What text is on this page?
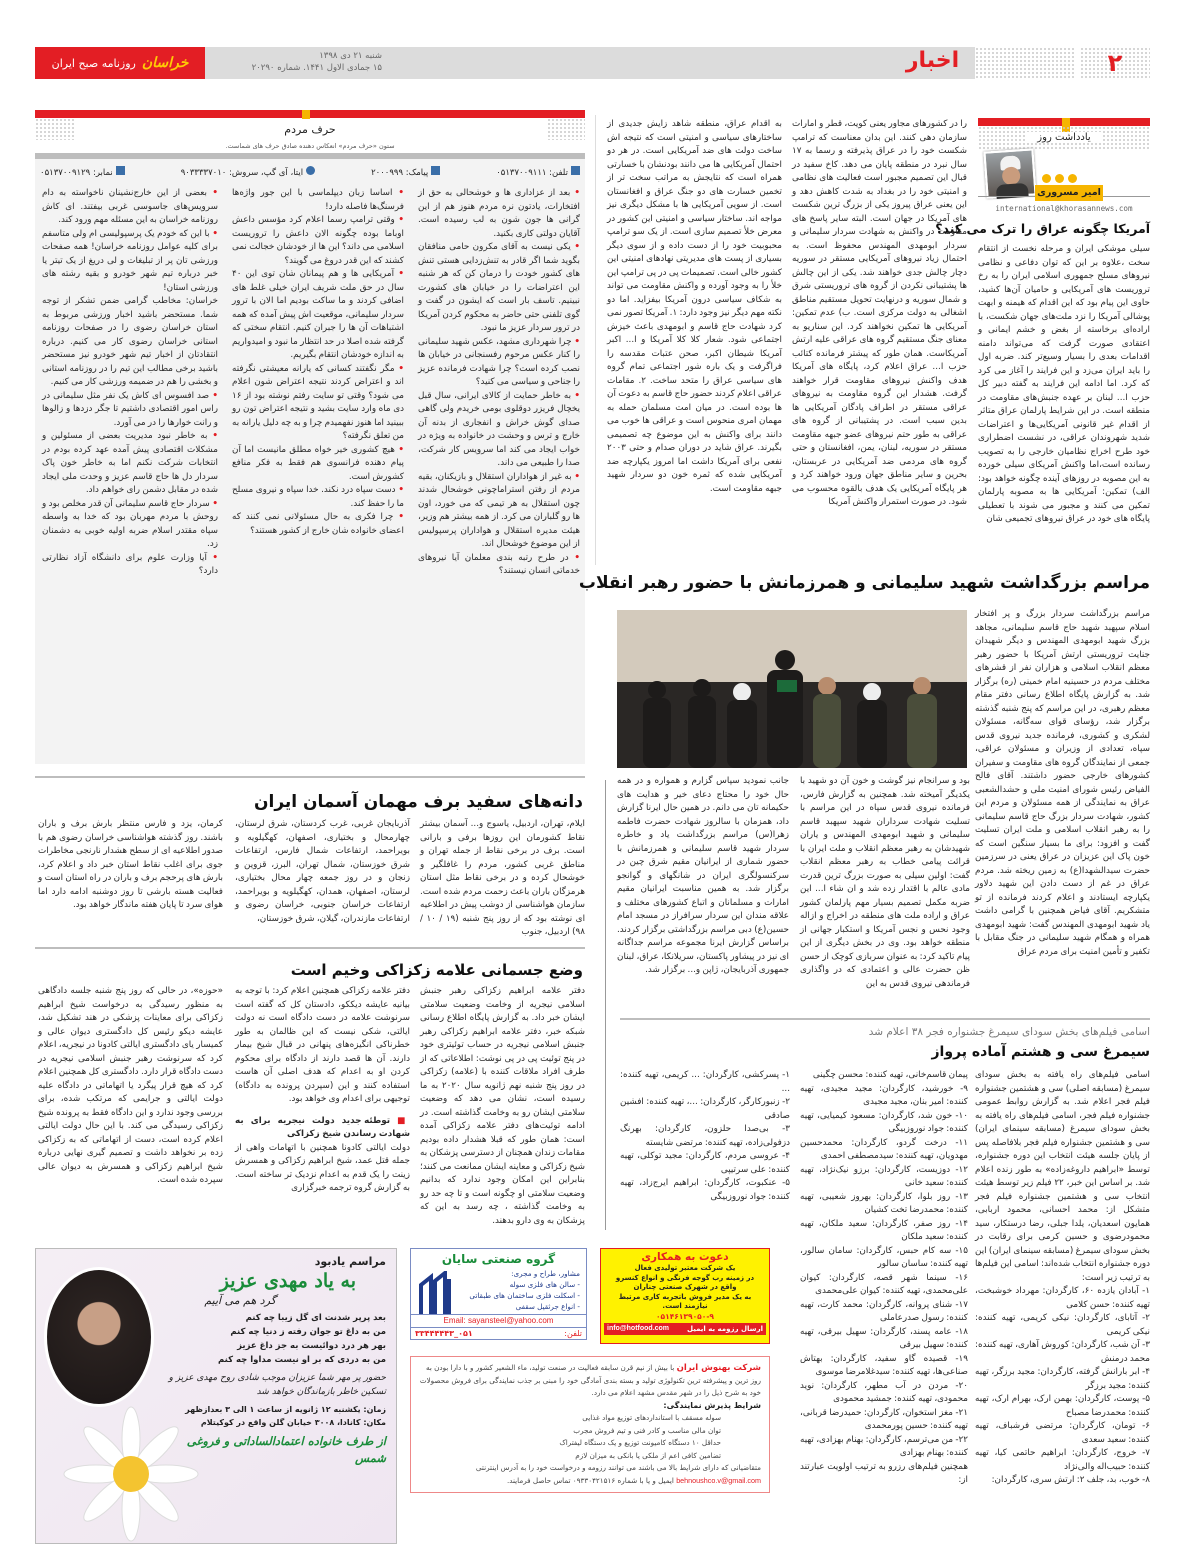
خراسان
روزنامه صبح ایران
شنبه ۲۱ دی ۱۳۹۸
۱۵ جمادی الاول ۱۴۴۱. شماره ۲۰۲۹۰	اخبار	۲
یادداشت روز
امیر مسروری
international@khorasannews.com
آمریکا چگونه عراق را ترک می کند؟
سیلی موشکی ایران و مرحله نخست از انتقام سخت ،علاوه بر این که توان دفاعی و نظامی نیروهای مسلح جمهوری اسلامی ایران را به رخ تروریست های آمریکایی و حامیان آن‌ها کشید، حاوی این پیام بود که این اقدام که هیمنه و ابهت پوشالی آمریکا را نزد ملت‌های جهان شکست، با اراده‌ای برخاسته از بغض و خشم ایمانی و اعتقادی صورت گرفت که می‌تواند دامنه اقدامات بعدی را بسیار وسیع‌تر کند. ضربه اول را باید ایران می‌زد و این فرایند را آغاز می کرد که کرد. اما ادامه این فرایند به گفته دبیر کل حزب ا... لبنان بر عهده جنبش‌های مقاومت در منطقه است. در این شرایط پارلمان عراق متاثر از اقدام غیر قانونی آمریکایی‌ها و اعتراضات شدید شهروندان عراقی، در نشست اضطراری خود طرح اخراج نظامیان خارجی را به تصویب رسانده است،اما واکنش آمریکای سیلی خورده به این مصوبه در روزهای آینده چگونه خواهد بود: الف) تمکین: آمریکایی ها به مصوبه پارلمان تمکین می کنند و مجبور می شوند با تعطیلی پایگاه های خود در عراق نیروهای تجمیعی شان
را در کشورهای مجاور یعنی کویت، قطر و امارات سازمان دهی کنند. این بدان معناست که ترامپ شکست خود را در عراق پذیرفته و رسما به ۱۷ سال نبرد در منطقه پایان می دهد. کاخ سفید در قبال این تصمیم مجبور است فعالیت های نظامی و امنیتی خود را در بغداد به شدت کاهش دهد و این یعنی عراق پیروز یکی از بزرگ ترین شکست های آمریکا در جهان است. البته سایر پاسخ های مقاومت در واکنش به شهادت سردار سلیمانی و سردار ابومهدی المهندس محفوظ است. به احتمال زیاد نیروهای آمریکایی مستقر در سوریه دچار چالش جدی خواهند شد. یکی از این چالش ها پشتیبانی نکردن از گروه های تروریستی شرق و شمال سوریه و درنهایت تحویل مستقیم مناطق اشغالی به دولت مرکزی است. ب) عدم تمکین: آمریکایی ها تمکین نخواهند کرد. این سناریو به معنای جنگ مستقیم گروه های عراقی علیه ارتش آمریکاست. همان طور که پیشتر فرمانده کتائب حزب ا... عراق اعلام کرد، پایگاه های آمریکا هدف واکنش نیروهای مقاومت قرار خواهند گرفت. هشدار این گروه مقاومت به نیروهای عراقی مستقر در اطراف پادگان آمریکایی ها بدین سبب است. در پشتیبانی از گروه های عراقی به طور حتم نیروهای عضو جبهه مقاومت مستقر در سوریه، لبنان، یمن، افغانستان و حتی گروه های مردمی ضد آمریکایی در عربستان، بحرین و سایر مناطق جهان ورود خواهند کرد و هر پایگاه آمریکایی یک هدف بالقوه محسوب می شود. در صورت استمرار واکنش آمریکا
به اقدام عراق، منطقه شاهد زایش جدیدی از ساختارهای سیاسی و امنیتی است که نتیجه اش ساخت دولت های ضد آمریکایی است. در هر دو احتمال آمریکایی ها می دانند بودنشان با خسارتی همراه است که نتایجش به مراتب سخت تر از تخمین خسارت های دو جنگ عراق و افغانستان است. از سویی آمریکایی ها با مشکل دیگری نیز مواجه اند. ساختار سیاسی و امنیتی این کشور در معرض خلأ تصمیم سازی است. از یک سو ترامپ محبوبیت خود را از دست داده و از سوی دیگر بسیاری از پست های مدیریتی نهادهای امنیتی این کشور خالی است. تصمیمات پی در پی ترامپ این خلأ را به وجود آورده و واکنش مقاومت می تواند به شکاف سیاسی درون آمریکا بیفزاید. اما دو نکته مهم دیگر نیز وجود دارد: ۱. آمریکا تصور نمی کرد شهادت حاج قاسم و ابومهدی باعث خیزش اجتماعی شود. شعار کلا کلا آمریکا و ا... اکبر آمریکا شیطان اکبر، صحن عتبات مقدسه را فراگرفت و یک باره شور اجتماعی تمام گروه های سیاسی عراق را متحد ساخت. ۲. مقامات عراقی اعلام کردند حضور حاج قاسم به دعوت آن ها بوده است. در میان امت مسلمان حمله به مهمان امری منحوس است و عراقی ها خوب می دانند برای واکنش به این موضوع چه تصمیمی بگیرند. عراق شاید در دوران صدام و حتی ۲۰۰۳ نفعی برای آمریکا داشت اما امروز یکپارچه ضد آمریکایی شده که ثمره خون دو سردار شهید جبهه مقاومت است.
حرف مردم
ستون «حرف مردم» انعکاس دهنده صادق حرف های شماست.
تلفن: ۰۵۱۳۷۰۰۹۱۱۱
پیامک: ۲۰۰۰۹۹۹
ایتا، آی گپ، سروش: ۹۰۳۳۳۳۷۰۱۰
نمابر: ۰۵۱۳۷۰۰۹۱۲۹

• بعد از عزاداری ها و خوشحالی به حق از افتخارات، یادتون نره مردم هنوز هم از این گرانی ها جون شون به لب رسیده است. آقایان دولتی کاری بکنید.

• یکی نیست به آقای مکرون حامی منافقان بگوید شما اگر قادر به تنش‌زدایی هستی تنش های کشور خودت را درمان کن که هر شنبه این اعتراضات را در خیابان های کشورت نبینیم. تاسف بار است که ایشون در گفت و گوی تلفنی حتی حاضر به محکوم کردن آمریکا در ترور سردار عزیز ما نبود.

• چرا شهرداری مشهد، عکس شهید سلیمانی را کنار عکس مرحوم رفسنجانی در خیابان ها نصب کرده است؟ چرا شهادت فرمانده عزیز را جناحی و سیاسی می کنید؟

• به خاطر حمایت از کالای ایرانی، سال قبل یخچال فریزر دوقلوی بومی خریدم ولی گاهی صدای گوش خراش و انفجاری از بدنه آن خارج و ترس و وحشت در خانواده به ویژه در خواب ایجاد می کند اما سرویس کار شرکت، صدا را طبیعی می داند.

• به غیر از هواداران استقلال و بازیکنان، بقیه مردم از رفتن استراماچونی خوشحال شدند چون استقلال به هر تیمی که می خورد، اون ها رو گلباران می کرد. از همه بیشتر هم وزیر، هیئت مدیره استقلال و هواداران پرسپولیس از این موضوع خوشحال اند.

• در طرح رتبه بندی معلمان آیا نیروهای خدماتی انسان نیستند؟

• اساسا زبان دیپلماسی با این جور واژه‌ها فرسنگ‌ها فاصله دارد!

• وقتی ترامپ رسما اعلام کرد مؤسس داعش اوباما بوده چگونه الان داعش را تروریست اسلامی می داند؟ این ها از خودشان خجالت نمی کشند که این قدر دروغ می گویند؟

• آمریکایی ها و هم پیمانان شان توی این ۴۰ سال در حق ملت شریف ایران خیلی غلط های اضافی کردند و ما ساکت بودیم اما الان با ترور سردار سلیمانی، موقعیت اش پیش آمده که همه اشتباهات آن ها را جبران کنیم. انتقام سختی که گرفته شده اصلا در حد انتظار ما نبود و امیدواریم به اندازه خودشان انتقام بگیریم.

• مگر نگفتند کسانی که یارانه معیشتی نگرفته اند و اعتراض کردند نتیجه اعتراض شون اعلام می شود؟ وقتی تو سایت رفتم نوشته بود از ۱۶ دی ماه وارد سایت بشید و نتیجه اعتراض تون رو ببینید اما هنوز نفهمیدم چرا و به چه دلیل یارانه به من تعلق نگرفته؟

• هیچ کشوری خیر خواه مطلق مانیست اما آن پیام دهنده فرانسوی هم فقط به فکر منافع کشورش است.

• دست سپاه درد نکند. خدا سپاه و نیروی مسلح ما را حفظ کند.

• چرا فکری به حال مسئولانی نمی کنند که اعضای خانواده شان خارج از کشور هستند؟

• بعضی از این خارج‌نشینان ناخواسته به دام سرویس‌های جاسوسی غربی بیفتند. ای کاش روزنامه خراسان به این مسئله مهم ورود کند.

• با این که خودم یک پرسپولیسی ام ولی متاسفم برای کلیه عوامل روزنامه خراسان! همه صفحات ورزشی تان پر از تبلیغات و لی دریغ از یک تیتر یا خبر درباره تیم شهر خودرو و بقیه رشته های ورزشی استان!

خراسان: مخاطب گرامی ضمن تشکر از توجه شما. مستحضر باشید اخبار ورزشی مربوط به استان خراسان رضوی را در صفحات روزنامه استانی خراسان رضوی کار می کنیم. درباره انتقادتان از اخبار تیم شهر خودرو نیز مستحضر باشید برخی مطالب این تیم را در روزنامه استانی و بخشی را هم در ضمیمه ورزشی کار می کنیم.

• صد افسوس ای کاش یک نفر مثل سلیمانی در راس امور اقتصادی داشتیم تا جگر دزدها و زالوها و رانت خوارها را در می آورد.

• به خاطر نبود مدیریت بعضی از مسئولین و مشکلات اقتصادی پیش آمده عهد کرده بودم در انتخابات شرکت نکنم اما به خاطر خون پاک سردار دل ها حاج قاسم عزیز و وحدت ملی ایجاد شده در مقابل دشمن رای خواهم داد.

• سردار حاج قاسم سلیمانی آن قدر مخلص بود و روحش با مردم مهربان بود که خدا به واسطه سپاه مقتدر اسلام ضربه اولیه خوبی به دشمنان زد.

• آیا وزارت علوم برای دانشگاه آزاد نظارتی دارد؟

مراسم بزرگداشت شهید سلیمانی و همرزمانش با حضور رهبر انقلاب
مراسم بزرگداشت سردار بزرگ و پر افتخار اسلام سپهبد شهید حاج قاسم سلیمانی، مجاهد بزرگ شهید ابومهدی المهندس و دیگر شهیدان جنایت تروریستی ارتش آمریکا با حضور رهبر معظم انقلاب اسلامی و هزاران نفر از قشرهای مختلف مردم در حسینیه امام خمینی (ره) برگزار شد. به گزارش پایگاه اطلاع رسانی دفتر مقام معظم رهبری، در این مراسم که پنج شنبه گذشته برگزار شد، رؤسای قوای سه‌گانه، مسئولان لشکری و کشوری، فرمانده جدید نیروی قدس سپاه، تعدادی از وزیران و مسئولان عراقی، جمعی از نمایندگان گروه های مقاومت و سفیران کشورهای خارجی حضور داشتند. آقای فالح الفیاض رئیس شورای امنیت ملی و حشدالشعبی عراق به نمایندگی از همه مسئولان و مردم این کشور، شهادت سردار بزرگ حاج قاسم سلیمانی را به رهبر انقلاب اسلامی و ملت ایران تسلیت گفت و افزود: برای ما بسیار سنگین است که خون پاک این عزیزان در عراق یعنی در سرزمین حضرت سیدالشهدا(ع) به زمین ریخته شد. مردم عراق در غم از دست دادن این شهید دلاور یکپارچه ایستادند و اعلام کردند فرمانده از تو متشکریم. آقای فیاض همچنین با گرامی داشت یاد شهید ابومهدی المهندس گفت: شهید ابومهدی همراه و همگام شهید سلیمانی در جنگ مقابل با تکفیر و تأمین امنیت برای مردم عراق
بود و سرانجام نیز گوشت و خون آن دو شهید با یکدیگر آمیخته شد. همچنین به گزارش فارس، فرمانده نیروی قدس سپاه در این مراسم با تسلیت شهادت سرداران شهید سپهبد قاسم سلیمانی و شهید ابومهدی المهندس و یاران شهیدشان به رهبر معظم انقلاب و ملت ایران با قرائت پیامی خطاب به رهبر معظم انقلاب گفت: اولین سیلی به صورت بزرگ ترین قدرت مادی عالم با اقتدار زده شد و ان شاء ا... این ضربه مکمل تصمیم بسیار مهم پارلمان کشور عراق و اراده ملت های منطقه در اخراج و ازاله وجود نحس و نجس آمریکا و استکبار جهانی از منطقه خواهد بود. وی در بخش دیگری از این پیام تاکید کرد: به عنوان سربازی کوچک از حسن ظن حضرت عالی و اعتمادی که در واگذاری فرماندهی نیروی قدس به این
جانب نمودید سپاس گزارم و همواره و در همه حال خود را محتاج دعای خیر و هدایت های حکیمانه تان می دانم. در همین حال ایرنا گزارش داد، همزمان با سالروز شهادت حضرت فاطمه زهرا(س) مراسم بزرگداشت یاد و خاطره سردار شهید قاسم سلیمانی و همرزمانش با حضور شماری از ایرانیان مقیم شرق چین در سرکنسولگری ایران در شانگهای و گوانجو برگزار شد. به همین مناسبت ایرانیان مقیم امارات و مسلمانان و اتباع کشورهای مختلف و علاقه مندان این سردار سرافراز در مسجد امام حسین(ع) دبی مراسم بزرگداشتی برگزار کردند. براساس گزارش ایرنا مجموعه مراسم جداگانه ای نیز در پیشاور پاکستان، سریلانکا، عراق، لبنان جمهوری آذربایجان، ژاپن و... برگزار شد.
دانه‌های سفید برف مهمان آسمان ایران
ایلام، تهران، اردبیل، یاسوج و... آسمان بیشتر نقاط کشورمان این روزها برفی و بارانی است. برف در برخی نقاط از جمله تهران و مناطق غربی کشور، مردم را غافلگیر و خوشحال کرده و در برخی نقاط مثل استان هرمزگان باران باعث زحمت مردم شده است. سازمان هواشناسی از دوشب پیش در اطلاعیه ای نوشته بود که از روز پنج شنبه (۱۹ / ۱۰ / ۹۸) اردبیل، جنوب
آذربایجان غربی، غرب کردستان، شرق لرستان، چهارمحال و بختیاری، اصفهان، کهگیلویه و بویراحمد، ارتفاعات شمال فارس، ارتفاعات شرق خوزستان، شمال تهران، البرز، قزوین و زنجان و در روز جمعه چهار محال بختیاری، لرستان، اصفهان، همدان، کهگیلویه و بویراحمد، ارتفاعات خراسان جنوبی، خراسان رضوی و ارتفاعات مازندران، گیلان، شرق خوزستان،
کرمان، یزد و فارس منتظر بارش برف و باران باشند. روز گذشته هواشناسی خراسان رضوی هم با صدور اطلاعیه ای از سطح هشدار نارنجی مخاطرات جوی برای اغلب نقاط استان خبر داد و اعلام کرد، بارش های پرحجم برف و باران در راه استان است و فعالیت هسته بارشی تا روز دوشنبه ادامه دارد اما هوای سرد تا پایان هفته ماندگار خواهد بود.
وضع جسمانی علامه زکزاکی وخیم است
دفتر علامه ابراهیم زکزاکی رهبر جنبش اسلامی نیجریه از وخامت وضعیت سلامتی ایشان خبر داد. به گزارش پایگاه اطلاع رسانی شبکه خبر، دفتر علامه ابراهیم زکزاکی رهبر جنبش اسلامی نیجریه در حساب توئیتری خود در پنج توئیت پی در پی نوشت: اطلاعاتی که از طرف افراد ملاقات کننده با (علامه) زکزاکی در روز پنج شنبه نهم ژانویه سال ۲۰۲۰ به ما رسیده است، نشان می دهد که وضعیت سلامتی ایشان رو به وخامت گذاشته است. در ادامه توئیت‌های دفتر علامه زکزاکی آمده است: همان طور که قبلا هشدار داده بودیم مقامات زندان همچنان از دسترسی پزشکان به شیخ زکزاکی و معاینه ایشان ممانعت می کنند؛ بنابراین این امکان وجود ندارد که بدانیم وضعیت سلامتی او چگونه است و تا چه حد رو به وخامت گذاشته ، چه رسد به این که پزشکان به وی دارو بدهند.

دفتر علامه زکزاکی همچنین اعلام کرد: با توجه به بیانیه عایشه دیککو، دادستان کل که گفته است سرنوشت علامه در دست دادگاه است نه دولت ایالتی، شکی نیست که این ظالمان به طور خطرناکی انگیزه‌های پنهانی در قبال شیخ بیمار دارند. آن ها قصد دارند از دادگاه برای محکوم کردن او به اعدام که هدف اصلی آن هاست استفاده کنند و این (سپردن پرونده به دادگاه) توجیهی برای اعدام وی خواهد بود.

■ توطئه جدید دولت نیجریه برای به شهادت رساندن شیخ زکزاکی

دولت ایالتی کادونا همچنین با اتهامات واهی از جمله قتل عمد، شیخ ابراهیم زکزاکی و همسرش زینت را یک قدم به اعدام نزدیک تر ساخته است. به گزارش گروه ترجمه خبرگزاری

«حوزه»، در حالی که روز پنج شنبه جلسه دادگاهی به منظور رسیدگی به درخواست شیخ ابراهیم زکزاکی برای معاینات پزشکی در هند تشکیل شد، عایشه دیکو رئیس کل دادگستری دیوان عالی و کمیسار یای دادگستری ایالتی کادونا در نیجریه، اعلام کرد که سرنوشت رهبر جنبش اسلامی نیجریه در دست دادگاه قرار دارد. دادگستری کل همچنین اعلام کرد که هیچ قرار پیگرد یا اتهاماتی در دادگاه علیه دولت ایالتی و جرایمی که مرتکب شده، برای بررسی وجود ندارد و این دادگاه فقط به پرونده شیخ زکزاکی رسیدگی می کند. با این حال دولت ایالتی اعلام کرده است، دست از اتهاماتی که به زکزاکی زده بر نخواهد داشت و تصمیم گیری نهایی درباره شیخ ابراهیم زکزاکی و همسرش به دیوان عالی سپرده شده است.
اسامی فیلم‌های بخش سودای سیمرغ جشنواره فجر ۳۸ اعلام شد
سیمرغ سی و هشتم آماده پرواز

اسامی فیلم‌های راه یافته به بخش سودای سیمرغ (مسابقه اصلی) سی و هشتمین جشنواره فیلم فجر اعلام شد. به گزارش روابط عمومی جشنواره فیلم فجر، اسامی فیلم‌های راه یافته به بخش سودای سیمرغ (مسابقه سینمای ایران) سی و هشتمین جشنواره فیلم فجر بلافاصله پس از پایان جلسه هیئت انتخاب این دوره جشنواره، توسط «ابراهیم داروغه‌زاده» به طور زنده اعلام شد. بر اساس این خبر، ۲۲ فیلم زیر توسط هیئت انتخاب سی و هشتمین جشنواره فیلم فجر متشکل از: محمد احسانی، محمود اربابی، همایون اسعدیان، یلدا جبلی، رضا درستکار، سید محمودرضوی و حسین کرمی برای رقابت در بخش سودای سیمرغ (مسابقه سینمای ایران) این دوره جشنواره انتخاب شده‌اند: اسامی این فیلم‌ها به ترتیب زیر است:

۱- آبادان یازده ۶۰، کارگردان: مهرداد خوشبخت، تهیه کننده: حسن کلامی

۲- آتابای، کارگردان: نیکی کریمی، تهیه کننده: نیکی کریمی

۳- آن شب، کارگردان: کوروش آهاری، تهیه کننده: محمد درمنش

۴- ابر بارانش گرفته، کارگردان: مجید برزگر، تهیه کننده: مجید برزگر

۵- پوست، کارگردان: بهمن ارک، بهرام ارک، تهیه کننده: محمدرضا مصباح

۶- تومان، کارگردان: مرتضی فرشباف، تهیه کننده: سعید سعدی

۷- خروج، کارگردان: ابراهیم حاتمی کیا، تهیه کننده: حبیب‌اله والی‌نژاد

۸- خوب، بد، جلف ۲: ارتش سری، کارگردان:

پیمان قاسم‌خانی، تهیه کننده: محسن چگینی

۹- خورشید، کارگردان: مجید مجیدی، تهیه کننده: امیر بنان، مجید مجیدی

۱۰- خون شد، کارگردان: مسعود کیمیایی، تهیه کننده: جواد نوروزبیگی

۱۱- درخت گردو، کارگردان: محمدحسین مهدویان، تهیه کننده: سیدمصطفی احمدی

۱۲- دوزیست، کارگردان: برزو نیک‌نژاد، تهیه کننده: سعید خانی

۱۳- روز بلوا، کارگردان: بهروز شعیبی، تهیه کننده: محمدرضا تخت کشیان

۱۴- روز صفر، کارگردان: سعید ملکان، تهیه کننده: سعید ملکان

۱۵- سه کام حبس، کارگردان: سامان سالور، تهیه کننده: ساسان سالور

۱۶- سینما شهر قصه، کارگردان: کیوان علی‌محمدی، تهیه کننده: کیوان علی‌محمدی

۱۷- شنای پروانه، کارگردان: محمد کارت، تهیه کننده: رسول صدرعاملی

۱۸- عامه پسند، کارگردان: سهیل بیرقی، تهیه کننده: سهیل بیرقی

۱۹- قصیده گاو سفید، کارگردان: بهتاش صناعی‌ها، تهیه کننده: سیدغلامرضا موسوی

۲۰- مردن در آب مطهر، کارگردان: نوید محمودی، تهیه کننده: جمشید محمودی

۲۱- مغز استخوان، کارگردان: حمیدرضا قربانی، تهیه کننده: حسین پورمحمدی

۲۲- من می‌ترسم، کارگردان: بهنام بهزادی، تهیه کننده: بهنام بهزادی

همچنین فیلم‌های رزرو به ترتیب اولویت عبارتند از:

۱- پسرکشی، کارگردان: ... کریمی، تهیه کننده: ...

۲- زنبورکارگر، کارگردان: ...، تهیه کننده: افشین صادقی

۳- بی‌صدا حلزون، کارگردان: بهرنگ دزفولی‌زاده، تهیه کننده: مرتضی شایسته

۴- عروسی مردم، کارگردان: مجید توکلی، تهیه کننده: علی سرتیپی

۵- عنکبوت، کارگردان: ابراهیم ایرج‌زاد، تهیه کننده: جواد نوروزبیگی

مراسم یادبود
به یاد مهدی عزیز
گرد هم می آییم

بعد پرپر شدنت ای گل زیبا چه کنم

من به داغ تو جوان رفته ز دنیا چه کنم

بهر هر درد دوائیست به جز داغ عزیز

من به دردی که بر او نیست مداوا چه کنم

حضور پر مهر شما عزیزان موجب شادی روح مهدی عزیز و تسکین خاطر بازماندگان خواهد شد
زمان: یکشنبه ۱۲ ژانویه از ساعت ۱ الی ۳ بعدازظهر
مکان: کانادا، ۳۰۰۸ خیابان گلن واقع در کوکیتلام
از طرف خانواده اعتمادالساداتی و فروغی شمس
گروه صنعتی سایان
مشاور، طراح و مجری:

- سالن های فلزی سوله

- اسکلت فلزی ساختمان های طبقاتی

- انواع جرثقیل سقفی

Email: sayansteel@yahoo.com
تلفن:
۰۵۱_۳۳۴۴۴۴۴۳
دعوت به همکاری

یک شرکت معتبر تولیدی فعال

در زمینه رب گوجه فرنگی و انواع کنسرو

واقع در شهرک صنعتی چناران

به یک مدیر فروش باتجربه کاری مرتبط

نیازمند است.

۰۵۱۴۶۱۳۹۰۵۰-۹
ارسال رزومه به ایمیل
info@hotfood.com
شرکت بهنوش ایران با بیش از نیم قرن سابقه فعالیت در صنعت تولید، ماء الشعیر کشور و با دارا بودن به روز ترین و پیشرفته ترین تکنولوژی تولید و بسته بندی آمادگی خود را مبنی بر جذب نمایندگی برای فروش محصولات خود به شرح ذیل را در شهر مقدس مشهد اعلام می دارد.
شرایط پذیرش نمایندگی:

سوله مسقف با استانداردهای توزیع مواد غذایی

توان مالی مناسب و کادر فنی و تیم فروش مجرب

حداقل ۱۰ دستگاه کامیونت توزیع و یک دستگاه لیفتراک

تضامین کافی اعم از ملکی یا بانکی به میزان لازم

متقاضیانی که دارای شرایط بالا می باشند می توانند رزومه و درخواست خود را به آدرس اینترنتی
behnoushco.v@gmail.com ایمیل و یا با شماره ۰۹۳۳۰۴۲۱۵۱۶ تماس حاصل فرمایند.
